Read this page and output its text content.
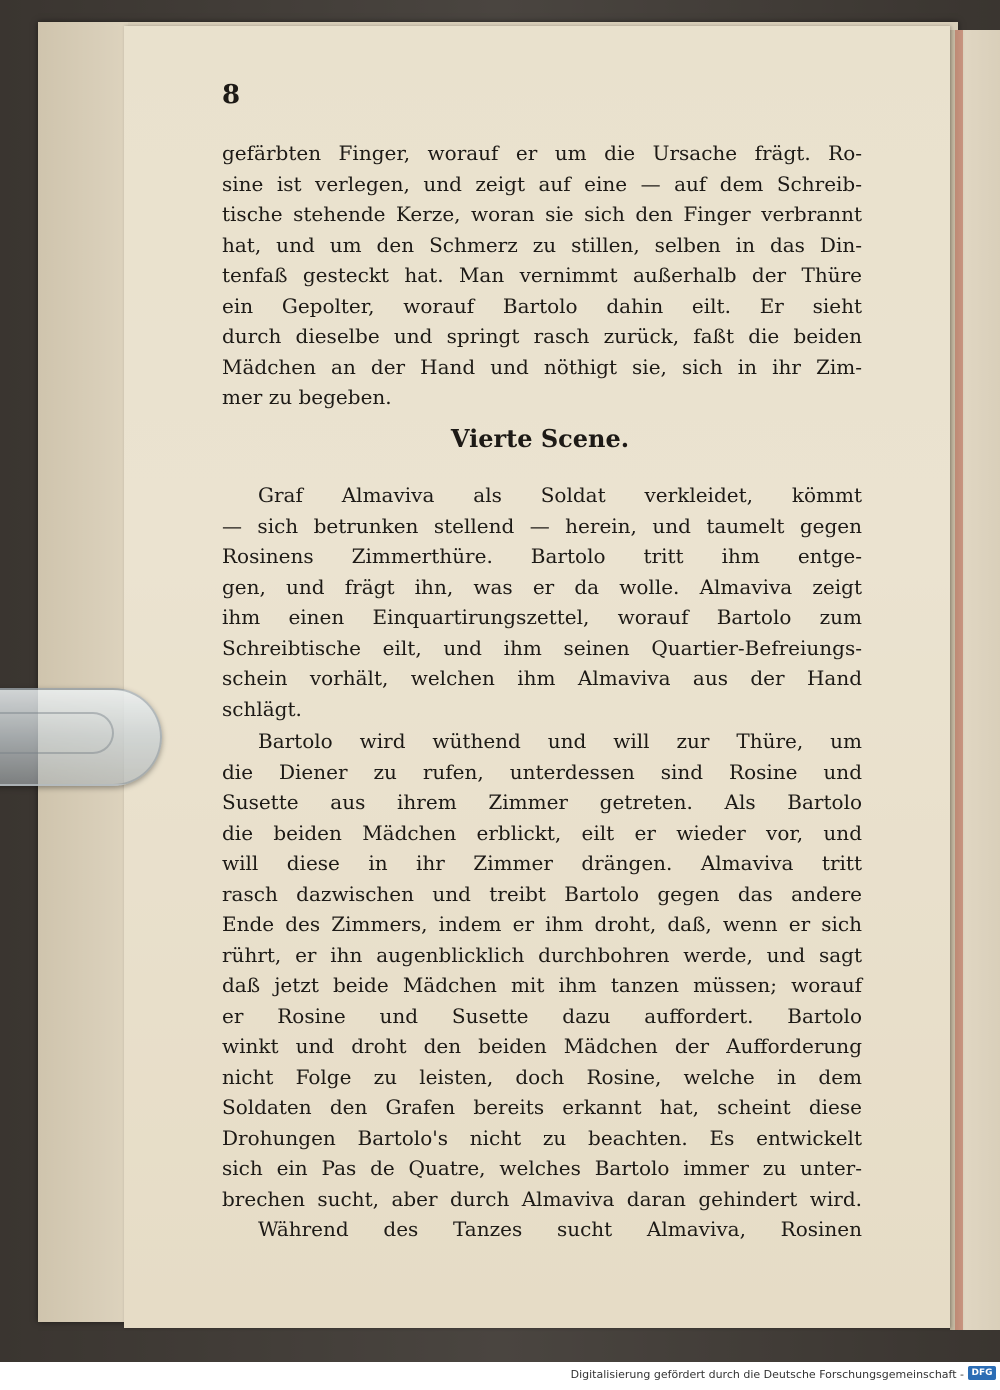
8
gefärbten Finger, worauf er um die Ursache frägt. Ro-
sine ist verlegen, und zeigt auf eine — auf dem Schreib-
tische stehende Kerze, woran sie sich den Finger verbrannt
hat, und um den Schmerz zu stillen, selben in das Din-
tenfaß gesteckt hat. Man vernimmt außerhalb der Thüre
ein Gepolter, worauf Bartolo dahin eilt. Er sieht
durch dieselbe und springt rasch zurück, faßt die beiden
Mädchen an der Hand und nöthigt sie, sich in ihr Zim-
mer zu begeben.
Vierte Scene.
Graf Almaviva als Soldat verkleidet, kömmt
— sich betrunken stellend — herein, und taumelt gegen
Rosinens Zimmerthüre. Bartolo tritt ihm entge-
gen, und frägt ihn, was er da wolle. Almaviva zeigt
ihm einen Einquartirungszettel, worauf Bartolo zum
Schreibtische eilt, und ihm seinen Quartier-Befreiungs-
schein vorhält, welchen ihm Almaviva aus der Hand
schlägt.
Bartolo wird wüthend und will zur Thüre, um
die Diener zu rufen, unterdessen sind Rosine und
Susette aus ihrem Zimmer getreten. Als Bartolo
die beiden Mädchen erblickt, eilt er wieder vor, und
will diese in ihr Zimmer drängen. Almaviva tritt
rasch dazwischen und treibt Bartolo gegen das andere
Ende des Zimmers, indem er ihm droht, daß, wenn er sich
rührt, er ihn augenblicklich durchbohren werde, und sagt
daß jetzt beide Mädchen mit ihm tanzen müssen; worauf
er Rosine und Susette dazu auffordert. Bartolo
winkt und droht den beiden Mädchen der Aufforderung
nicht Folge zu leisten, doch Rosine, welche in dem
Soldaten den Grafen bereits erkannt hat, scheint diese
Drohungen Bartolo's nicht zu beachten. Es entwickelt
sich ein Pas de Quatre, welches Bartolo immer zu unter-
brechen sucht, aber durch Almaviva daran gehindert wird.
Während des Tanzes sucht Almaviva, Rosinen
Digitalisierung gefördert durch die Deutsche Forschungsgemeinschaft - DFG
